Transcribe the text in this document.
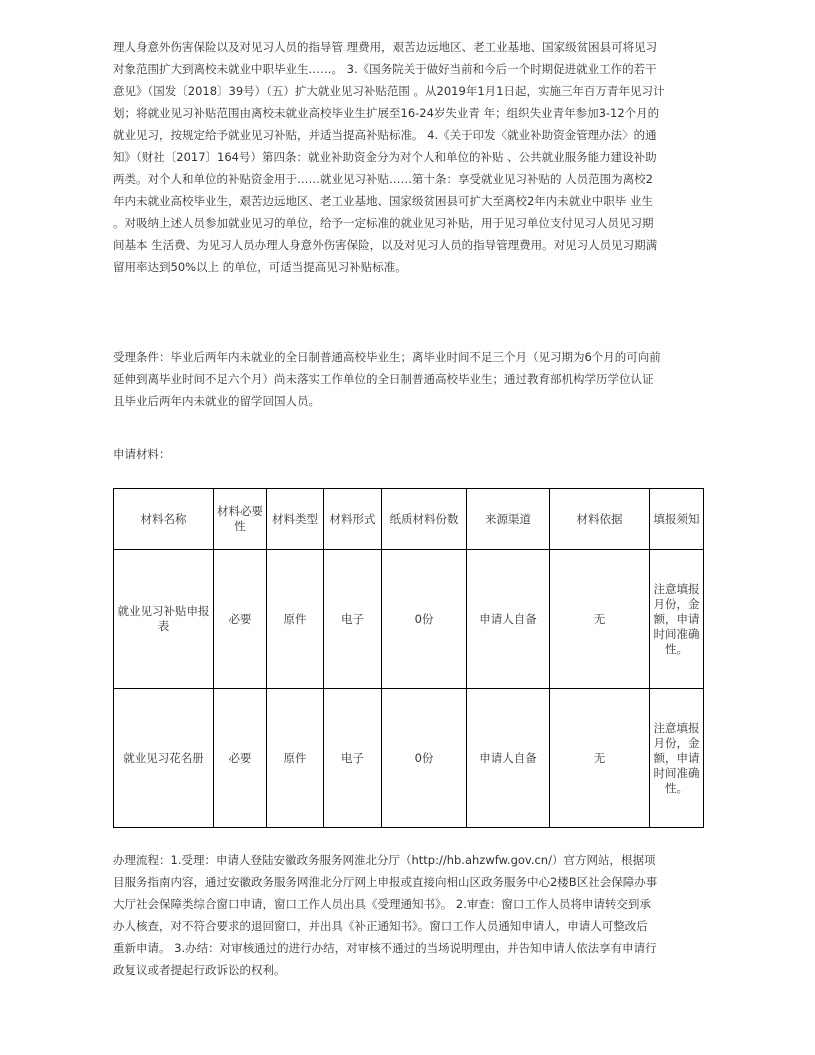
理人身意外伤害保险以及对见习人员的指导管 理费用，艰苦边远地区、老工业基地、国家级贫困县可将见习
对象范围扩大到离校未就业中职毕业生……。 3.《国务院关于做好当前和今后一个时期促进就业工作的若干
意见》（国发〔2018〕39号）（五）扩大就业见习补贴范围 。从2019年1月1日起，实施三年百万青年见习计
划；将就业见习补贴范围由离校未就业高校毕业生扩展至16-24岁失业青 年；组织失业青年参加3-12个月的
就业见习，按规定给予就业见习补贴，并适当提高补贴标准。 4.《关于印发〈就业补助资金管理办法〉的通
知》（财社〔2017〕164号）第四条：就业补助资金分为对个人和单位的补贴 、公共就业服务能力建设补助
两类。对个人和单位的补贴资金用于……就业见习补贴……第十条：享受就业见习补贴的 人员范围为离校2
年内未就业高校毕业生，艰苦边远地区、老工业基地、国家级贫困县可扩大至离校2年内未就业中职毕 业生
。对吸纳上述人员参加就业见习的单位，给予一定标准的就业见习补贴，用于见习单位支付见习人员见习期
间基本 生活费、为见习人员办理人身意外伤害保险，以及对见习人员的指导管理费用。对见习人员见习期满
留用率达到50%以上 的单位，可适当提高见习补贴标准。
受理条件：毕业后两年内未就业的全日制普通高校毕业生；离毕业时间不足三个月（见习期为6个月的可向前
延伸到离毕业时间不足六个月）尚未落实工作单位的全日制普通高校毕业生；通过教育部机构学历学位认证
且毕业后两年内未就业的留学回国人员。
申请材料：
材料名称	材料必要性	材料类型	材料形式	纸质材料份数	来源渠道	材料依据	填报须知
就业见习补贴申报表	必要	原件	电子	0份	申请人自备	无	注意填报月份，金额，申请时间准确性。
就业见习花名册	必要	原件	电子	0份	申请人自备	无	注意填报月份，金额，申请时间准确性。
办理流程：1.受理：申请人登陆安徽政务服务网淮北分厅（http://hb.ahzwfw.gov.cn/）官方网站，根据项
目服务指南内容，通过安徽政务服务网淮北分厅网上申报或直接向相山区政务服务中心2楼B区社会保障办事
大厅社会保障类综合窗口申请，窗口工作人员出具《受理通知书》。 2.审查：窗口工作人员将申请转交到承
办人核查，对不符合要求的退回窗口，并出具《补正通知书》。窗口工作人员通知申请人，申请人可整改后
重新申请。 3.办结：对审核通过的进行办结，对审核不通过的当场说明理由，并告知申请人依法享有申请行
政复议或者提起行政诉讼的权利。
